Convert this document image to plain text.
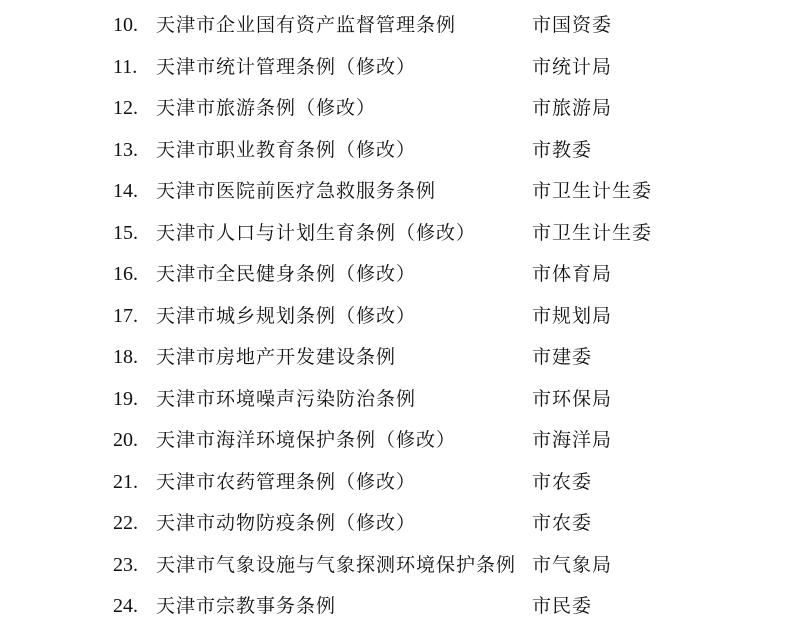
10. 天津市企业国有资产监督管理条例	市国资委
11. 天津市统计管理条例（修改）	市统计局
12. 天津市旅游条例（修改）	市旅游局
13. 天津市职业教育条例（修改）	市教委
14. 天津市医院前医疗急救服务条例	市卫生计生委
15. 天津市人口与计划生育条例（修改）	市卫生计生委
16. 天津市全民健身条例（修改）	市体育局
17. 天津市城乡规划条例（修改）	市规划局
18. 天津市房地产开发建设条例	市建委
19. 天津市环境噪声污染防治条例	市环保局
20. 天津市海洋环境保护条例（修改）	市海洋局
21. 天津市农药管理条例（修改）	市农委
22. 天津市动物防疫条例（修改）	市农委
23. 天津市气象设施与气象探测环境保护条例 市气象局
24. 天津市宗教事务条例	市民委
